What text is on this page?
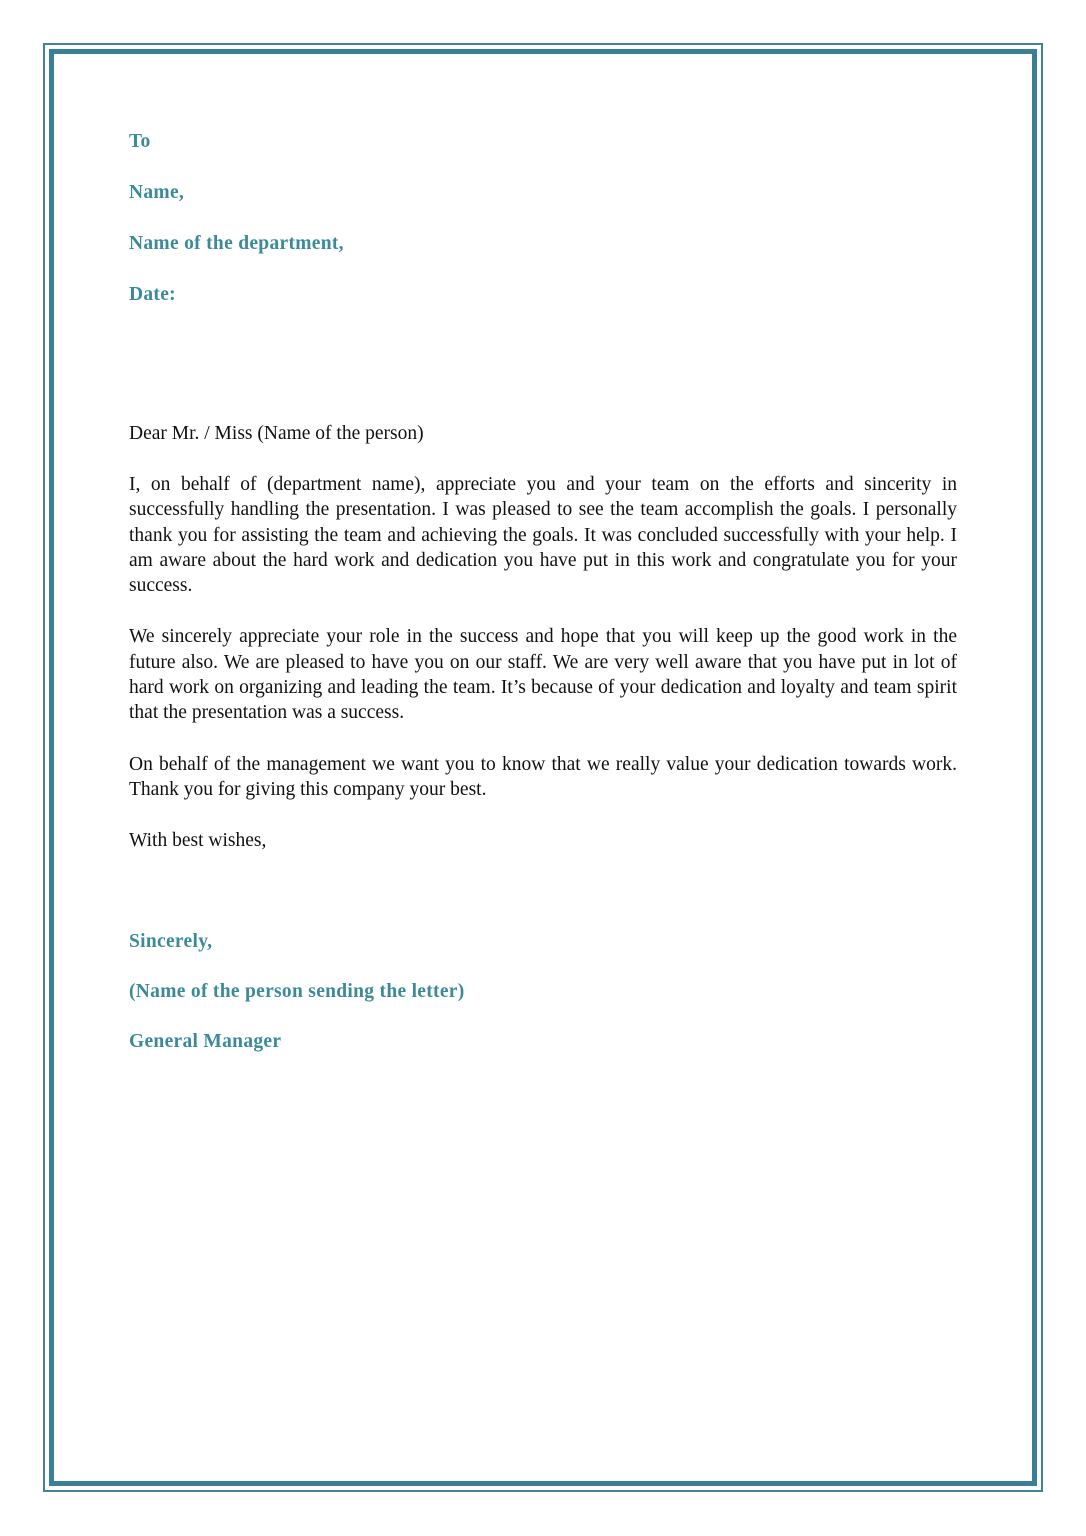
To
Name,
Name of the department,
Date:
Dear Mr. / Miss (Name of the person)
I, on behalf of (department name), appreciate you and your team on the efforts and sincerity in successfully handling the presentation. I was pleased to see the team accomplish the goals. I personally thank you for assisting the team and achieving the goals. It was concluded successfully with your help. I am aware about the hard work and dedication you have put in this work and congratulate you for your success.
We sincerely appreciate your role in the success and hope that you will keep up the good work in the future also. We are pleased to have you on our staff. We are very well aware that you have put in lot of hard work on organizing and leading the team. It’s because of your dedication and loyalty and team spirit that the presentation was a success.
On behalf of the management we want you to know that we really value your dedication towards work. Thank you for giving this company your best.
With best wishes,
Sincerely,
(Name of the person sending the letter)
General Manager
